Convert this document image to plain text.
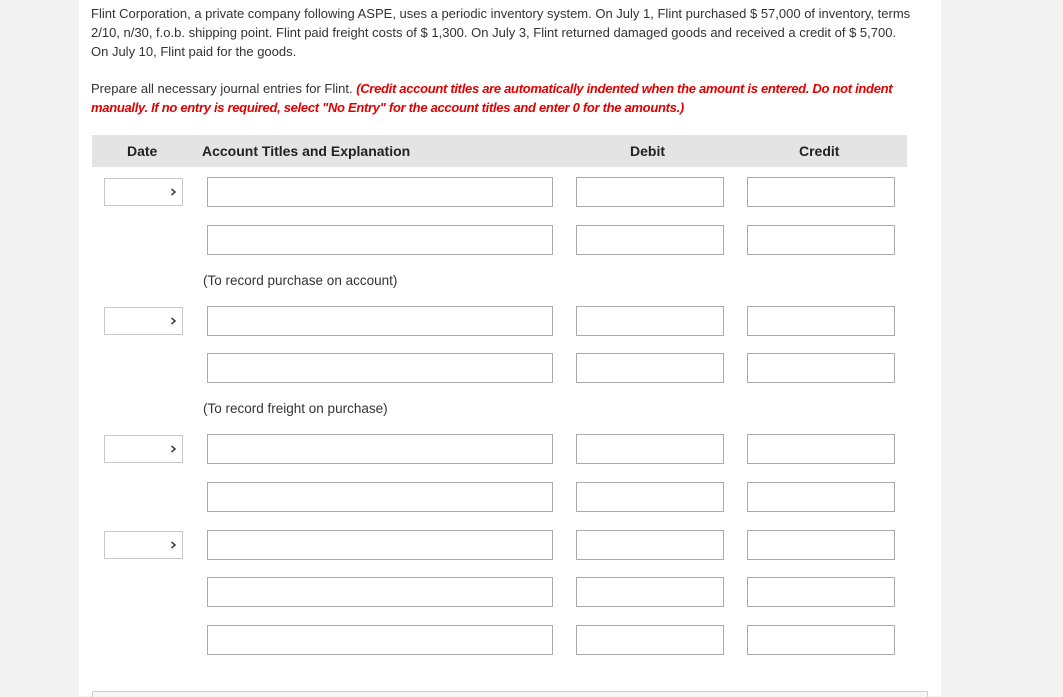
Flint Corporation, a private company following ASPE, uses a periodic inventory system. On July 1, Flint purchased $ 57,000 of inventory, terms 2/10, n/30, f.o.b. shipping point. Flint paid freight costs of $ 1,300. On July 3, Flint returned damaged goods and received a credit of $ 5,700. On July 10, Flint paid for the goods.

Prepare all necessary journal entries for Flint. (Credit account titles are automatically indented when the amount is entered. Do not indent manually. If no entry is required, select "No Entry" for the account titles and enter 0 for the amounts.)

Date	Account Titles and Explanation	Debit	Credit
(To record purchase on account)
(To record freight on purchase)
